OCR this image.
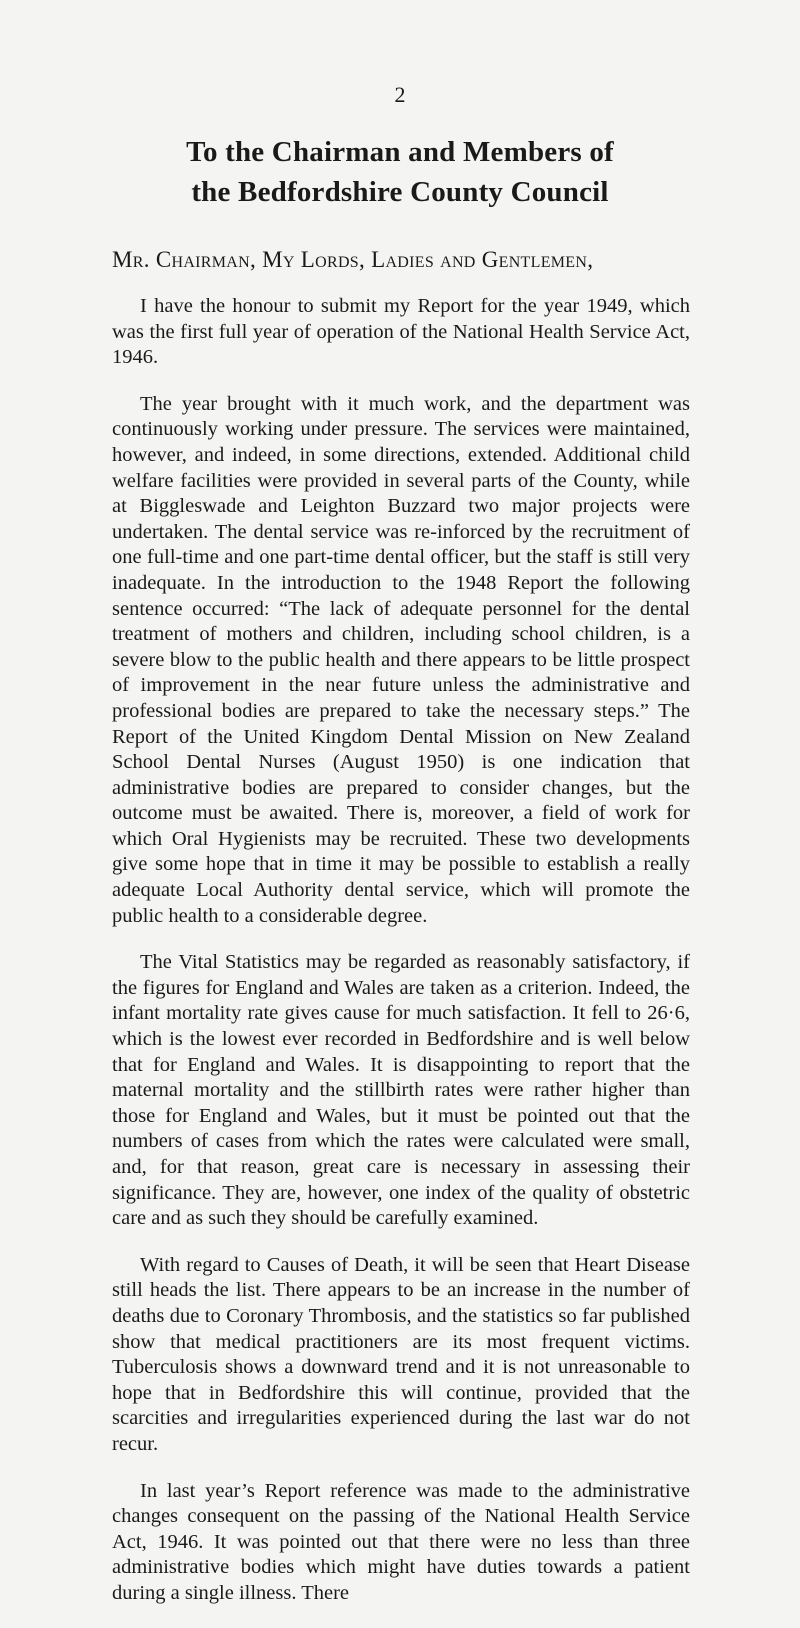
2
To the Chairman and Members of
the Bedfordshire County Council
Mr. Chairman, My Lords, Ladies and Gentlemen,

I have the honour to submit my Report for the year 1949, which was the first full year of operation of the National Health Service Act, 1946.

The year brought with it much work, and the department was continuously working under pressure. The services were maintained, however, and indeed, in some directions, extended. Additional child welfare facilities were provided in several parts of the County, while at Biggleswade and Leighton Buzzard two major projects were undertaken. The dental service was re-inforced by the recruitment of one full-time and one part-time dental officer, but the staff is still very inadequate. In the introduction to the 1948 Report the following sentence occurred: “The lack of adequate personnel for the dental treatment of mothers and children, including school children, is a severe blow to the public health and there appears to be little prospect of improvement in the near future unless the administrative and professional bodies are prepared to take the necessary steps.” The Report of the United Kingdom Dental Mission on New Zealand School Dental Nurses (August 1950) is one indication that administrative bodies are prepared to consider changes, but the outcome must be awaited. There is, moreover, a field of work for which Oral Hygienists may be recruited. These two developments give some hope that in time it may be possible to establish a really adequate Local Authority dental service, which will promote the public health to a considerable degree.

The Vital Statistics may be regarded as reasonably satisfactory, if the figures for England and Wales are taken as a criterion. Indeed, the infant mortality rate gives cause for much satisfaction. It fell to 26·6, which is the lowest ever recorded in Bedfordshire and is well below that for England and Wales. It is disappointing to report that the maternal mortality and the stillbirth rates were rather higher than those for England and Wales, but it must be pointed out that the numbers of cases from which the rates were calculated were small, and, for that reason, great care is necessary in assessing their significance. They are, however, one index of the quality of obstetric care and as such they should be carefully examined.

With regard to Causes of Death, it will be seen that Heart Disease still heads the list. There appears to be an increase in the number of deaths due to Coronary Thrombosis, and the statistics so far published show that medical practitioners are its most frequent victims. Tuberculosis shows a downward trend and it is not unreasonable to hope that in Bedfordshire this will continue, provided that the scarcities and irregularities experienced during the last war do not recur.

In last year’s Report reference was made to the administrative changes consequent on the passing of the National Health Service Act, 1946. It was pointed out that there were no less than three administrative bodies which might have duties towards a patient during a single illness. There
